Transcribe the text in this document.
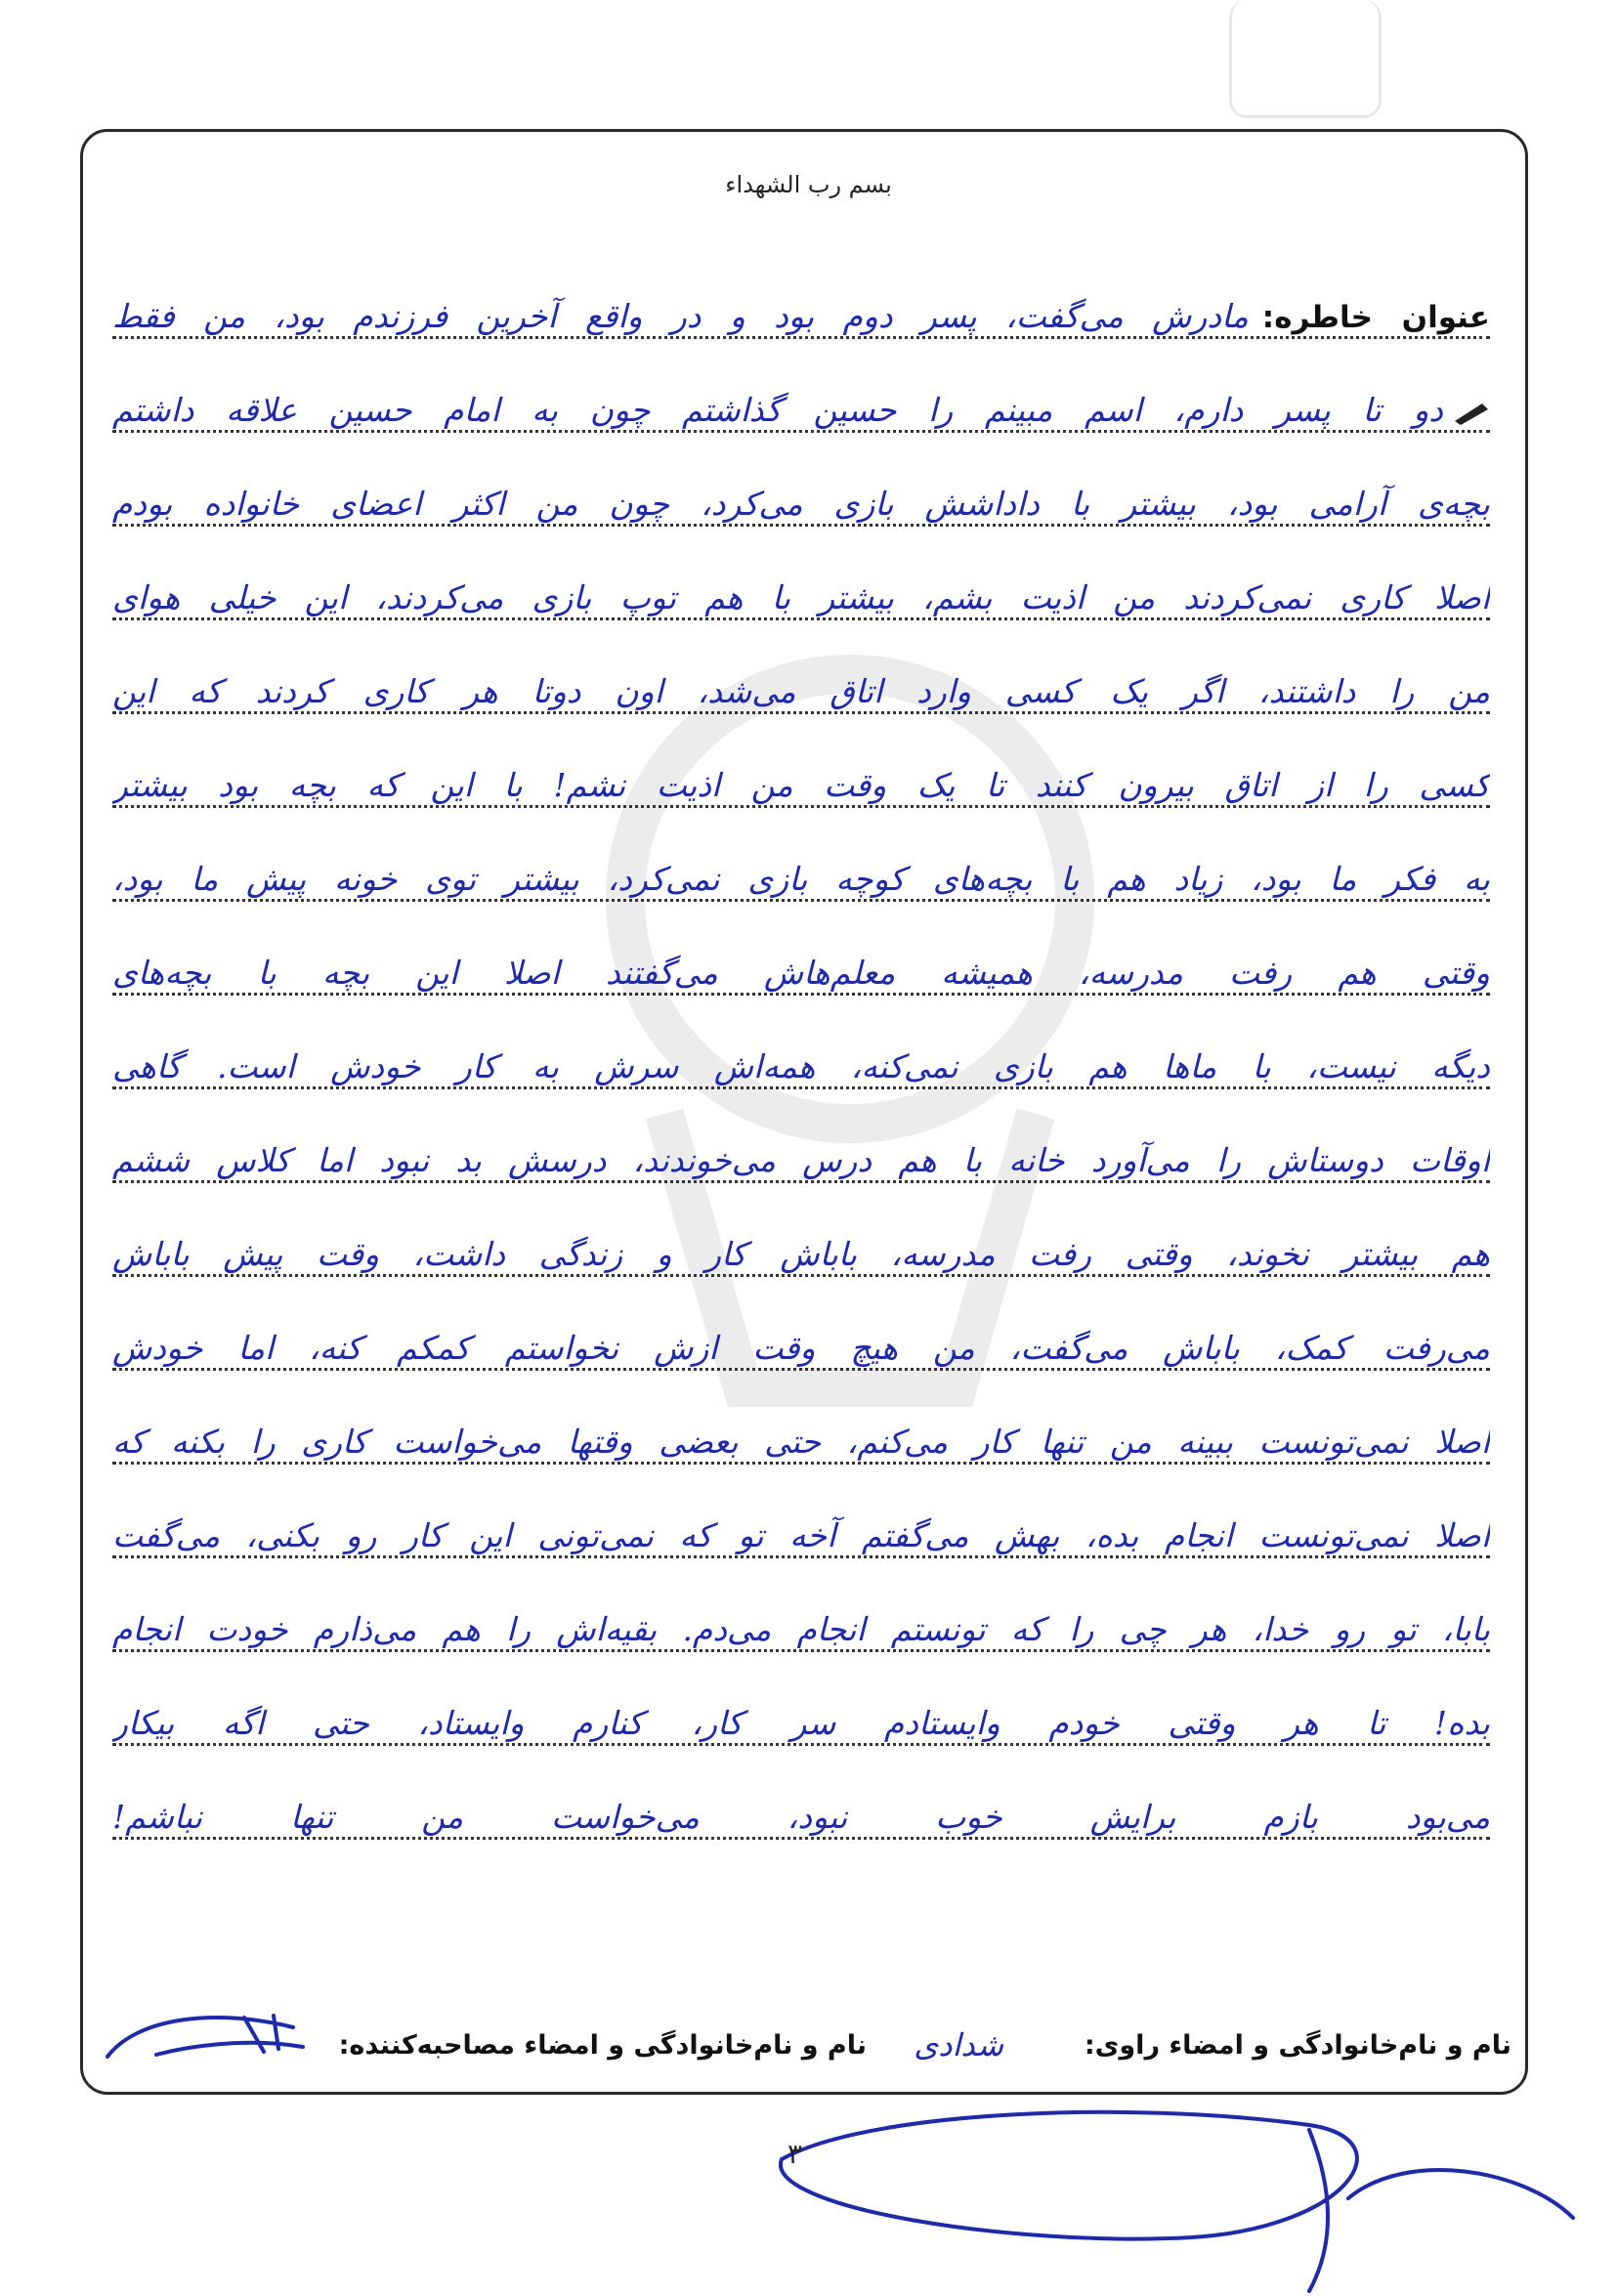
بسم رب الشهداء
عنوان خاطره:مادرش می‌گفت، پسر دوم بود و در واقع آخرین فرزندم بود، من فقط
دو تا پسر دارم، اسم مبینم را حسین گذاشتم چون به امام حسین علاقه داشتم
بچه‌ی آرامی بود، بیشتر با داداشش بازی می‌کرد، چون من اکثر اعضای خانواده بودم
اصلا کاری نمی‌کردند من اذیت بشم، بیشتر با هم توپ بازی می‌کردند، این خیلی هوای
من را داشتند، اگر یک کسی وارد اتاق می‌شد، اون دوتا هر کاری کردند که این
کسی را از اتاق بیرون کنند تا یک وقت من اذیت نشم! با این که بچه بود بیشتر
به فکر ما بود، زیاد هم با بچه‌های کوچه بازی نمی‌کرد، بیشتر توی خونه پیش ما بود،
وقتی هم رفت مدرسه، همیشه معلم‌هاش می‌گفتند اصلا این بچه با بچه‌های
دیگه نیست، با ماها هم بازی نمی‌کنه، همه‌اش سرش به کار خودش است. گاهی
اوقات دوستاش را می‌آورد خانه با هم درس می‌خوندند، درسش بد نبود اما کلاس ششم
هم بیشتر نخوند، وقتی رفت مدرسه، باباش کار و زندگی داشت، وقت پیش باباش
می‌رفت کمک، باباش می‌گفت، من هیچ وقت ازش نخواستم کمکم کنه، اما خودش
اصلا نمی‌تونست ببینه من تنها کار می‌کنم، حتی بعضی وقتها می‌خواست کاری را بکنه که
اصلا نمی‌تونست انجام بده، بهش می‌گفتم آخه تو که نمی‌تونی این کار رو بکنی، می‌گفت
بابا، تو رو خدا، هر چی را که تونستم انجام می‌دم. بقیه‌اش را هم می‌ذارم خودت انجام
بده! تا هر وقتی خودم وایستادم سر کار، کنارم وایستاد، حتی اگه بیکار
می‌بود بازم برایش خوب نبود، می‌خواست من تنها نباشم!
نام و نام‌خانوادگی و امضاء راوی:
شدادی
نام و نام‌خانوادگی و امضاء مصاحبه‌کننده:
۳
